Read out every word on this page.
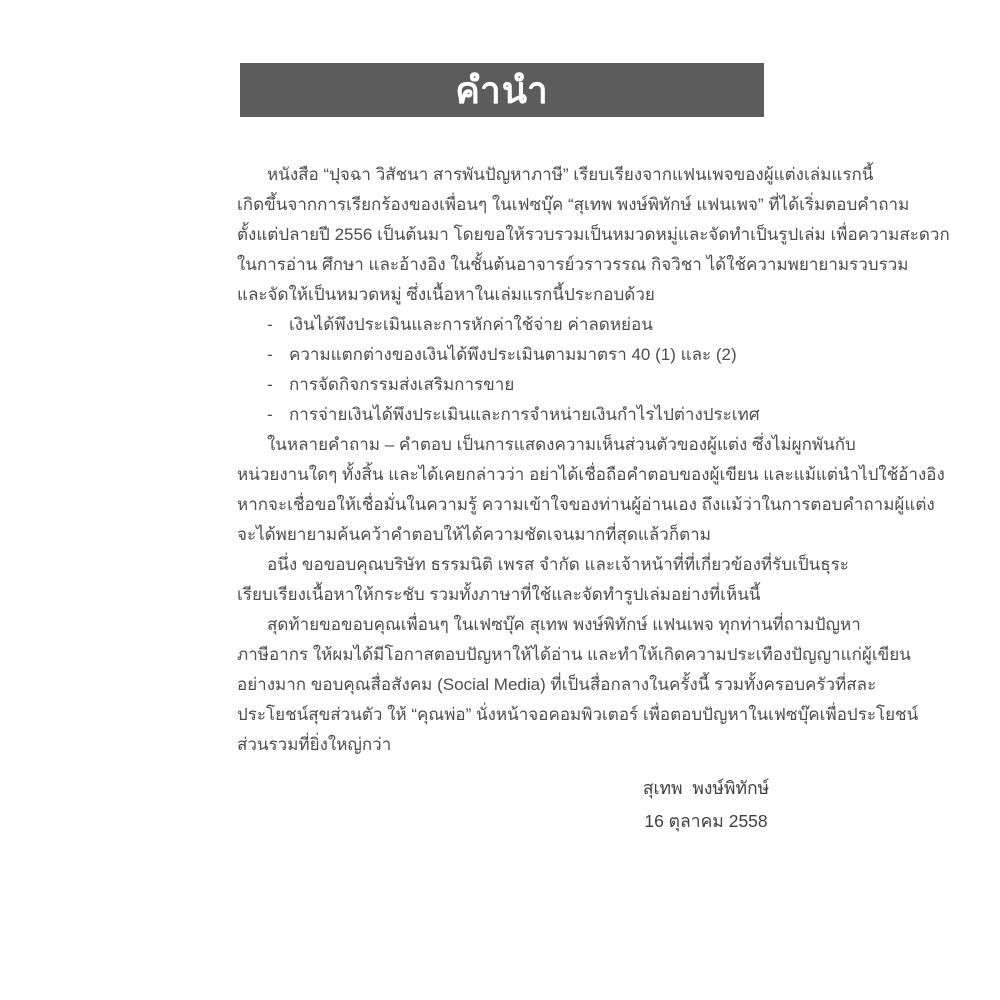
คำนำ
หนังสือ “ปุจฉา วิสัชนา สารพันปัญหาภาษี” เรียบเรียงจากแฟนเพจของผู้แต่งเล่มแรกนี้
เกิดขึ้นจากการเรียกร้องของเพื่อนๆ ในเฟซบุ๊ค “สุเทพ พงษ์พิทักษ์ แฟนเพจ” ที่ได้เริ่มตอบคำถาม
ตั้งแต่ปลายปี 2556 เป็นต้นมา โดยขอให้รวบรวมเป็นหมวดหมู่และจัดทำเป็นรูปเล่ม เพื่อความสะดวก
ในการอ่าน ศึกษา และอ้างอิง ในชั้นต้นอาจารย์วราวรรณ กิจวิชา ได้ใช้ความพยายามรวบรวม
และจัดให้เป็นหมวดหมู่ ซึ่งเนื้อหาในเล่มแรกนี้ประกอบด้วย
- เงินได้พึงประเมินและการหักค่าใช้จ่าย ค่าลดหย่อน
- ความแตกต่างของเงินได้พึงประเมินตามมาตรา 40 (1) และ (2)
- การจัดกิจกรรมส่งเสริมการขาย
- การจ่ายเงินได้พึงประเมินและการจำหน่ายเงินกำไรไปต่างประเทศ
ในหลายคำถาม – คำตอบ เป็นการแสดงความเห็นส่วนตัวของผู้แต่ง ซึ่งไม่ผูกพันกับ
หน่วยงานใดๆ ทั้งสิ้น และได้เคยกล่าวว่า อย่าได้เชื่อถือคำตอบของผู้เขียน และแม้แต่นำไปใช้อ้างอิง
หากจะเชื่อขอให้เชื่อมั่นในความรู้ ความเข้าใจของท่านผู้อ่านเอง ถึงแม้ว่าในการตอบคำถามผู้แต่ง
จะได้พยายามค้นคว้าคำตอบให้ได้ความชัดเจนมากที่สุดแล้วก็ตาม
อนึ่ง ขอขอบคุณบริษัท ธรรมนิติ เพรส จำกัด และเจ้าหน้าที่ที่เกี่ยวข้องที่รับเป็นธุระ
เรียบเรียงเนื้อหาให้กระชับ รวมทั้งภาษาที่ใช้และจัดทำรูปเล่มอย่างที่เห็นนี้
สุดท้ายขอขอบคุณเพื่อนๆ ในเฟซบุ๊ค สุเทพ พงษ์พิทักษ์ แฟนเพจ ทุกท่านที่ถามปัญหา
ภาษีอากร ให้ผมได้มีโอกาสตอบปัญหาให้ได้อ่าน และทำให้เกิดความประเทืองปัญญาแก่ผู้เขียน
อย่างมาก ขอบคุณสื่อสังคม (Social Media) ที่เป็นสื่อกลางในครั้งนี้ รวมทั้งครอบครัวที่สละ
ประโยชน์สุขส่วนตัว ให้ “คุณพ่อ” นั่งหน้าจอคอมพิวเตอร์ เพื่อตอบปัญหาในเฟซบุ๊คเพื่อประโยชน์
ส่วนรวมที่ยิ่งใหญ่กว่า
สุเทพ  พงษ์พิทักษ์
16 ตุลาคม 2558
